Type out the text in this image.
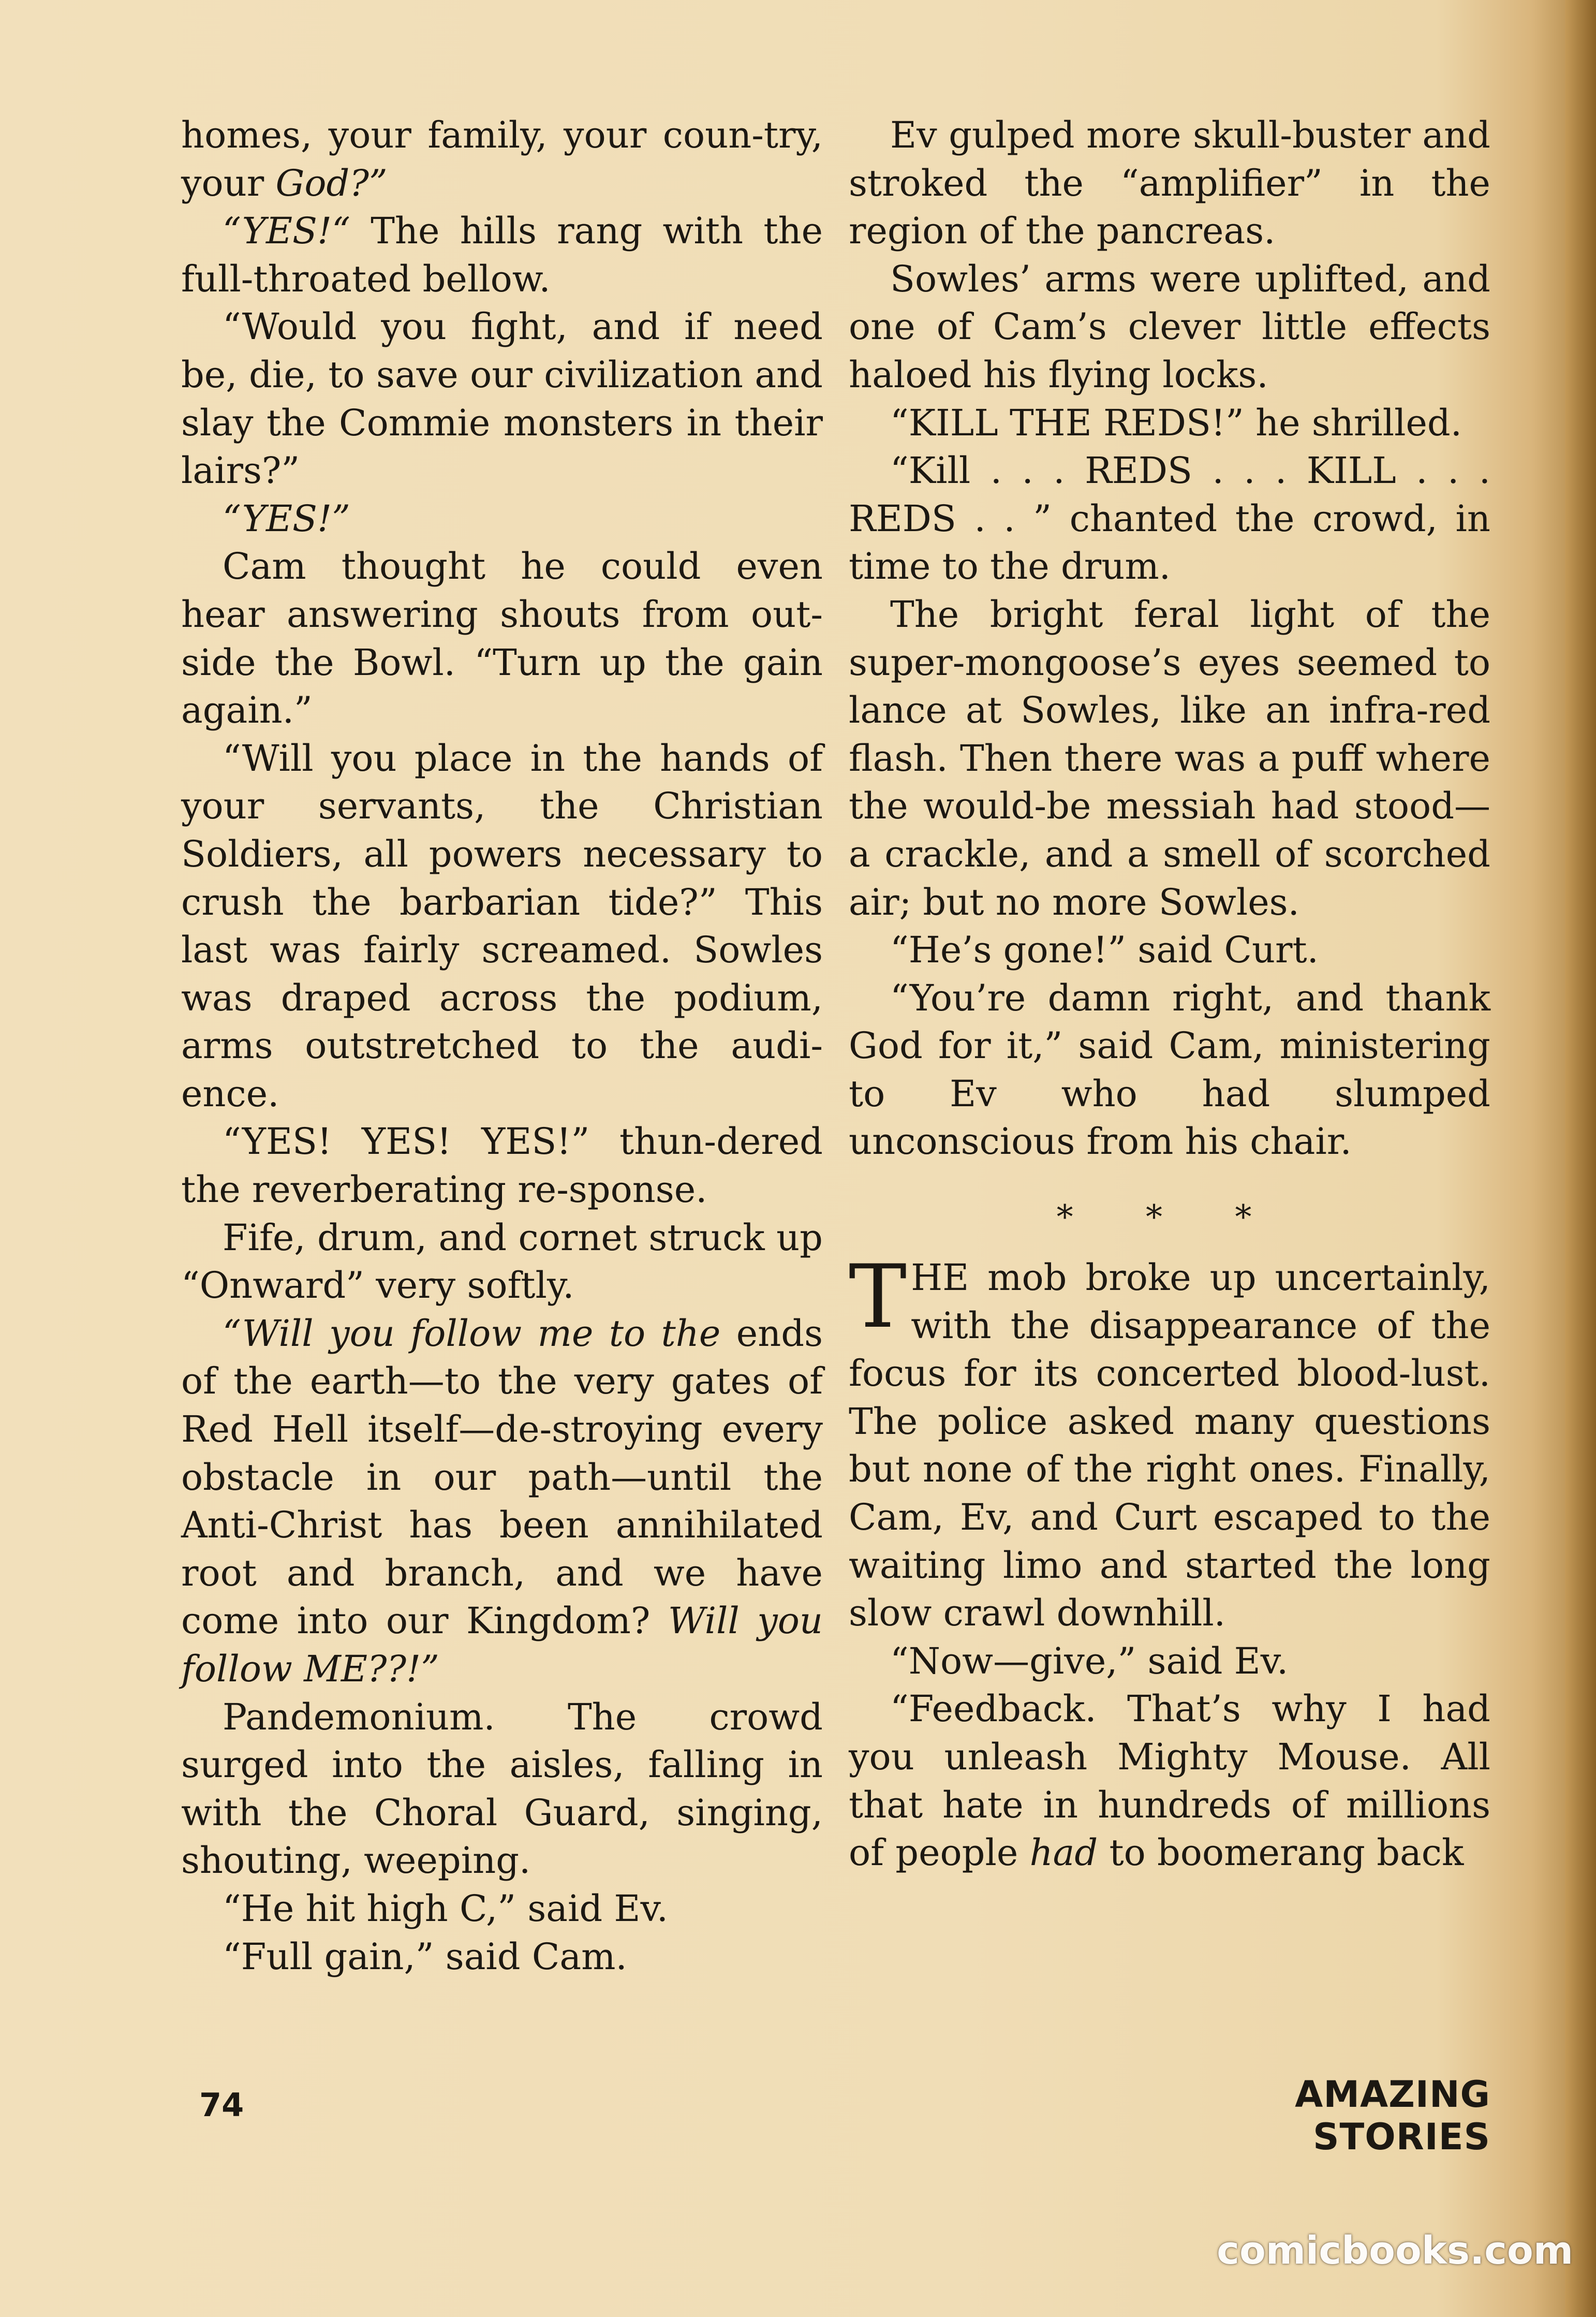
homes, your family, your coun-try, your God?”

“YES!“ The hills rang with the full-throated bellow.

“Would you fight, and if need be, die, to save our civilization and slay the Commie monsters in their lairs?”

“YES!”

Cam thought he could even hear answering shouts from out-side the Bowl. “Turn up the gain again.”

“Will you place in the hands of your servants, the Christian Soldiers, all powers necessary to crush the barbarian tide?” This last was fairly screamed. Sowles was draped across the podium, arms outstretched to the audi-ence.

“YES! YES! YES!” thun-dered the reverberating re-sponse.

Fife, drum, and cornet struck up “Onward” very softly.

“Will you follow me to the ends of the earth—to the very gates of Red Hell itself—de-stroying every obstacle in our path—until the Anti-Christ has been annihilated root and branch, and we have come into our Kingdom? Will you follow ME??!”

Pandemonium. The crowd surged into the aisles, falling in with the Choral Guard, singing, shouting, weeping.

“He hit high C,” said Ev.

“Full gain,” said Cam.

Ev gulped more skull-buster and stroked the “amplifier” in the region of the pancreas.

Sowles’ arms were uplifted, and one of Cam’s clever little effects haloed his flying locks.

“KILL THE REDS!” he shrilled.

“Kill . . . REDS . . . KILL . . . REDS . . ” chanted the crowd, in time to the drum.

The bright feral light of the super-mongoose’s eyes seemed to lance at Sowles, like an infra-red flash. Then there was a puff where the would-be messiah had stood—a crackle, and a smell of scorched air; but no more Sowles.

“He’s gone!” said Curt.

“You’re damn right, and thank God for it,” said Cam, ministering to Ev who had slumped unconscious from his chair.

* * *

THE mob broke up uncertainly, with the disappearance of the focus for its concerted blood-lust. The police asked many questions but none of the right ones. Finally, Cam, Ev, and Curt escaped to the waiting limo and started the long slow crawl downhill.

“Now—give,” said Ev.

“Feedback. That’s why I had you unleash Mighty Mouse. All that hate in hundreds of millions of people had to boomerang back

74	AMAZING STORIES
comicbooks.com
